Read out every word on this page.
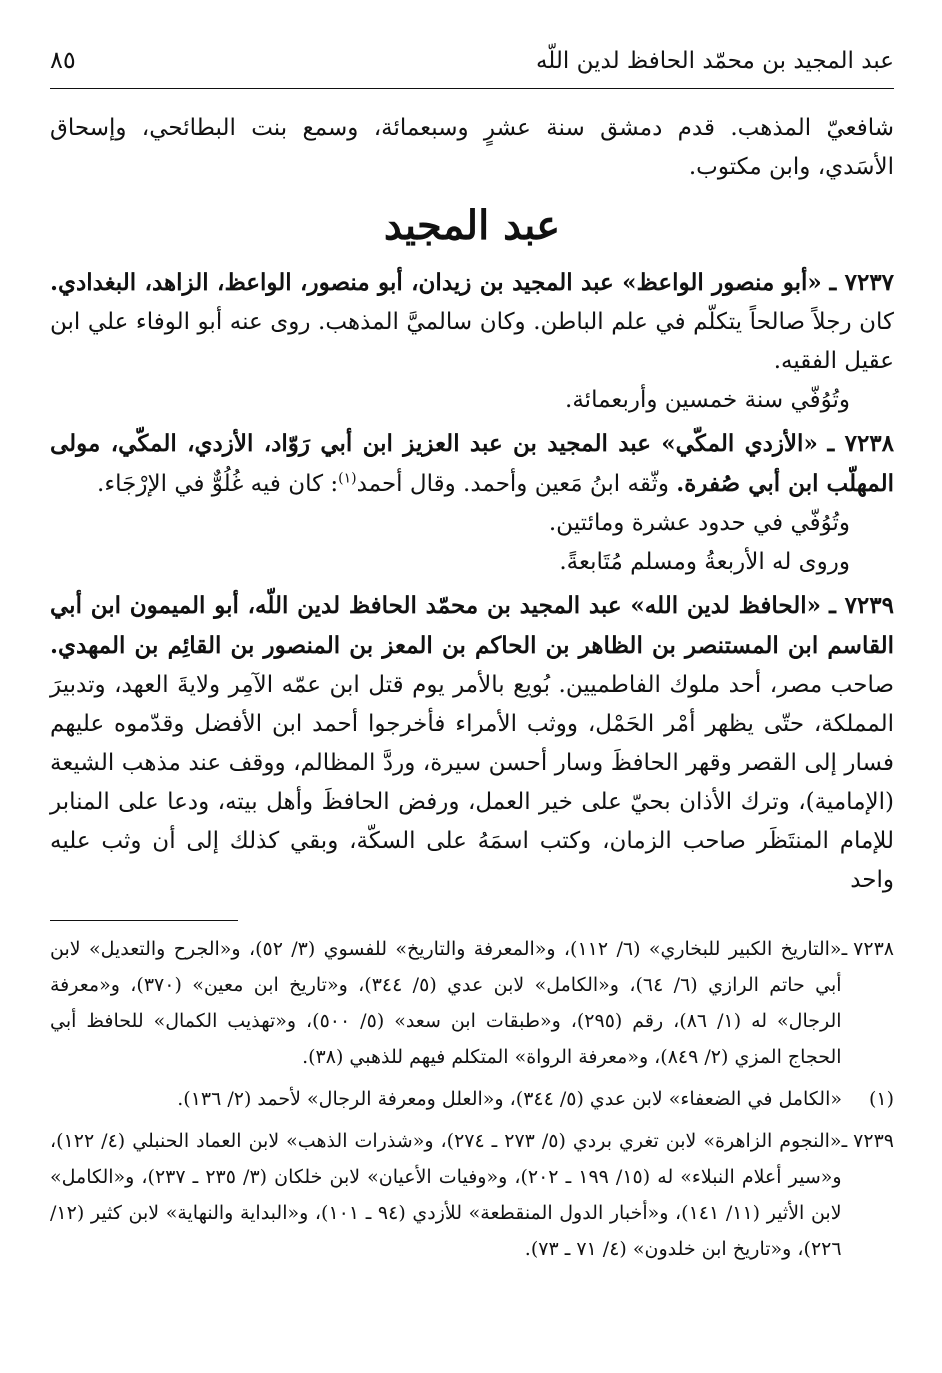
عبد المجيد بن محمّد الحافظ لدين اللّه
٨٥

شافعيّ المذهب. قدم دمشق سنة عشرٍ وسبعمائة، وسمع بنت البطائحي، وإسحاق الأسَدي، وابن مكتوب.

عبد المجيد

٧٢٣٧ ـ «أبو منصور الواعظ» عبد المجيد بن زيدان، أبو منصور، الواعظ، الزاهد، البغدادي. كان رجلاً صالحاً يتكلّم في علم الباطن. وكان سالميَّ المذهب. روى عنه أبو الوفاء علي ابن عقيل الفقيه.

وتُوُفّي سنة خمسين وأربعمائة.

٧٢٣٨ ـ «الأزدي المكّي» عبد المجيد بن عبد العزيز ابن أبي رَوّاد، الأزدي، المكّي، مولى المهلّب ابن أبي صُفرة. وثّقه ابنُ مَعين وأحمد. وقال أحمد$^{(١)}$: كان فيه غُلُوٌّ في الإرْجَاء.

وتُوُفّي في حدود عشرة ومائتين.

وروى له الأربعةُ ومسلم مُتَابعةً.

٧٢٣٩ ـ «الحافظ لدين الله» عبد المجيد بن محمّد الحافظ لدين اللّه، أبو الميمون ابن أبي القاسم ابن المستنصر بن الظاهر بن الحاكم بن المعز بن المنصور بن القائِم بن المهدي. صاحب مصر، أحد ملوك الفاطميين. بُويع بالأمر يوم قتل ابن عمّه الآمِر ولايةَ العهد، وتدبيرَ المملكة، حتّى يظهر أمْر الحَمْل، ووثب الأمراء فأخرجوا أحمد ابن الأفضل وقدّموه عليهم فسار إلى القصر وقهر الحافظَ وسار أحسن سيرة، وردَّ المظالم، ووقف عند مذهب الشيعة (الإمامية)، وترك الأذان بحيّ على خير العمل، ورفض الحافظَ وأهل بيته، ودعا على المنابر للإمام المنتَظَر صاحب الزمان، وكتب اسمَهُ على السكّة، وبقي كذلك إلى أن وثب عليه واحد

٧٢٣٨ ـ
«التاريخ الكبير للبخاري» (٦/ ١١٢)، و«المعرفة والتاريخ» للفسوي (٣/ ٥٢)، و«الجرح والتعديل» لابن أبي حاتم الرازي (٦/ ٦٤)، و«الكامل» لابن عدي (٥/ ٣٤٤)، و«تاريخ ابن معين» (٣٧٠)، و«معرفة الرجال» له (١/ ٨٦)، رقم (٢٩٥)، و«طبقات ابن سعد» (٥/ ٥٠٠)، و«تهذيب الكمال» للحافظ أبي الحجاج المزي (٢/ ٨٤٩)، و«معرفة الرواة» المتكلم فيهم للذهبي (٣٨).
(١)
«الكامل في الضعفاء» لابن عدي (٥/ ٣٤٤)، و«العلل ومعرفة الرجال» لأحمد (٢/ ١٣٦).
٧٢٣٩ ـ
«النجوم الزاهرة» لابن تغري بردي (٥/ ٢٧٣ ـ ٢٧٤)، و«شذرات الذهب» لابن العماد الحنبلي (٤/ ١٢٢)، و«سير أعلام النبلاء» له (١٥/ ١٩٩ ـ ٢٠٢)، و«وفيات الأعيان» لابن خلكان (٣/ ٢٣٥ ـ ٢٣٧)، و«الكامل» لابن الأثير (١١/ ١٤١)، و«أخبار الدول المنقطعة» للأزدي (٩٤ ـ ١٠١)، و«البداية والنهاية» لابن كثير (١٢/ ٢٢٦)، و«تاريخ ابن خلدون» (٤/ ٧١ ـ ٧٣).
